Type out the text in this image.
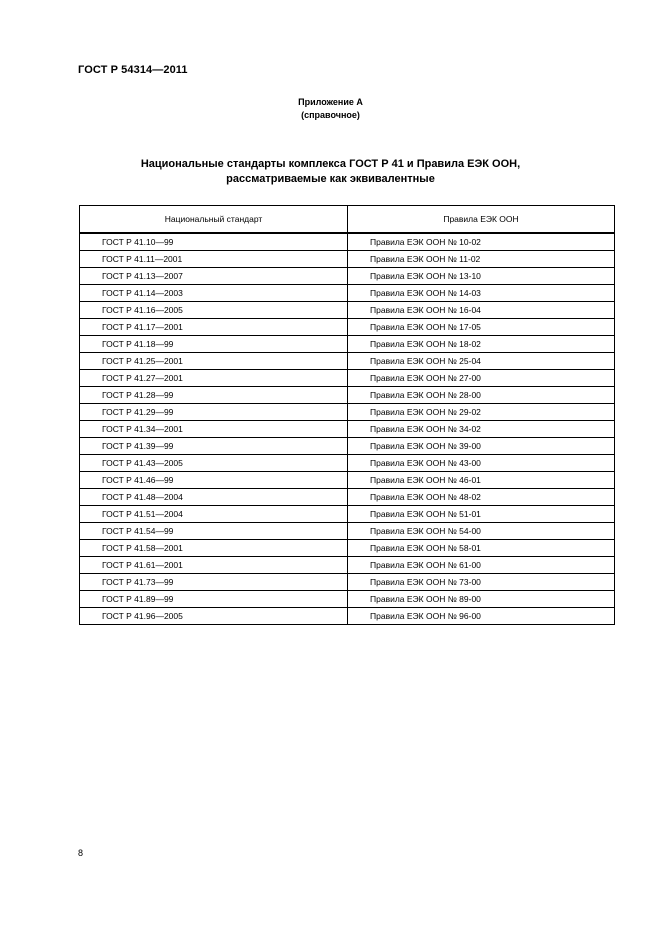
ГОСТ Р 54314—2011
Приложение А
(справочное)
Национальные стандарты комплекса ГОСТ Р 41 и Правила ЕЭК ООН,
рассматриваемые как эквивалентные
Национальный стандарт	Правила ЕЭК ООН
ГОСТ Р 41.10—99	Правила ЕЭК ООН № 10-02
ГОСТ Р 41.11—2001	Правила ЕЭК ООН № 11-02
ГОСТ Р 41.13—2007	Правила ЕЭК ООН № 13-10
ГОСТ Р 41.14—2003	Правила ЕЭК ООН № 14-03
ГОСТ Р 41.16—2005	Правила ЕЭК ООН № 16-04
ГОСТ Р 41.17—2001	Правила ЕЭК ООН № 17-05
ГОСТ Р 41.18—99	Правила ЕЭК ООН № 18-02
ГОСТ Р 41.25—2001	Правила ЕЭК ООН № 25-04
ГОСТ Р 41.27—2001	Правила ЕЭК ООН № 27-00
ГОСТ Р 41.28—99	Правила ЕЭК ООН № 28-00
ГОСТ Р 41.29—99	Правила ЕЭК ООН № 29-02
ГОСТ Р 41.34—2001	Правила ЕЭК ООН № 34-02
ГОСТ Р 41.39—99	Правила ЕЭК ООН № 39-00
ГОСТ Р 41.43—2005	Правила ЕЭК ООН № 43-00
ГОСТ Р 41.46—99	Правила ЕЭК ООН № 46-01
ГОСТ Р 41.48—2004	Правила ЕЭК ООН № 48-02
ГОСТ Р 41.51—2004	Правила ЕЭК ООН № 51-01
ГОСТ Р 41.54—99	Правила ЕЭК ООН № 54-00
ГОСТ Р 41.58—2001	Правила ЕЭК ООН № 58-01
ГОСТ Р 41.61—2001	Правила ЕЭК ООН № 61-00
ГОСТ Р 41.73—99	Правила ЕЭК ООН № 73-00
ГОСТ Р 41.89—99	Правила ЕЭК ООН № 89-00
ГОСТ Р 41.96—2005	Правила ЕЭК ООН № 96-00
8
